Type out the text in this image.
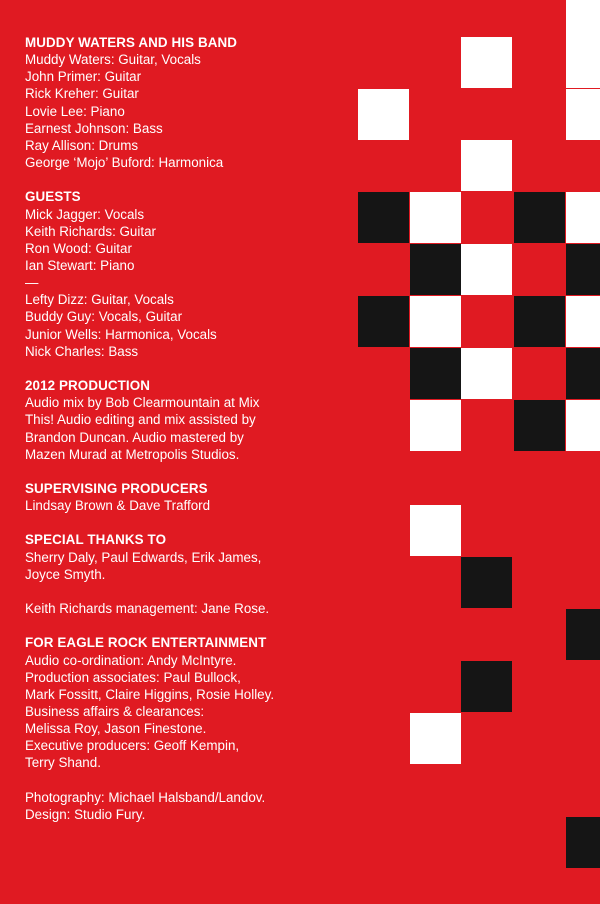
MUDDY WATERS AND HIS BAND
Muddy Waters: Guitar, Vocals
John Primer: Guitar
Rick Kreher: Guitar
Lovie Lee: Piano
Earnest Johnson: Bass
Ray Allison: Drums
George ‘Mojo’ Buford: Harmonica
GUESTS
Mick Jagger: Vocals
Keith Richards: Guitar
Ron Wood: Guitar
Ian Stewart: Piano
—
Lefty Dizz: Guitar, Vocals
Buddy Guy: Vocals, Guitar
Junior Wells: Harmonica, Vocals
Nick Charles: Bass
2012 PRODUCTION
Audio mix by Bob Clearmountain at Mix
This! Audio editing and mix assisted by
Brandon Duncan. Audio mastered by
Mazen Murad at Metropolis Studios.
SUPERVISING PRODUCERS
Lindsay Brown & Dave Trafford
SPECIAL THANKS TO
Sherry Daly, Paul Edwards, Erik James,
Joyce Smyth.
Keith Richards management: Jane Rose.
FOR EAGLE ROCK ENTERTAINMENT
Audio co-ordination: Andy McIntyre.
Production associates: Paul Bullock,
Mark Fossitt, Claire Higgins, Rosie Holley.
Business affairs & clearances:
Melissa Roy, Jason Finestone.
Executive producers: Geoff Kempin,
Terry Shand.
Photography: Michael Halsband/Landov.
Design: Studio Fury.
